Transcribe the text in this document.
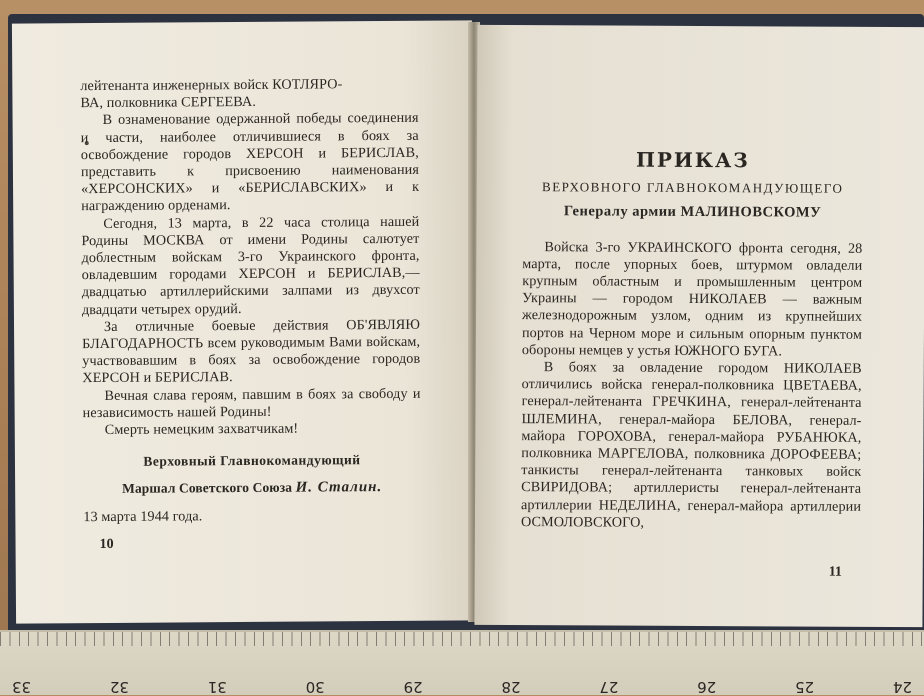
лейтенанта инженерных войск КОТЛЯРО-

ВА, полковника СЕРГЕЕВА.

В ознаменование одержанной победы соединения и части, наиболее отличившиеся в боях за освобождение городов ХЕРСОН и БЕРИСЛАВ, представить к присвоению наименования «ХЕРСОНСКИХ» и «БЕРИСЛАВСКИХ» и к награждению орденами.

Сегодня, 13 марта, в 22 часа столица нашей Родины МОСКВА от имени Родины салютует доблестным войскам 3-го Украинского фронта, овладевшим городами ХЕРСОН и БЕРИСЛАВ,—двадцатью артиллерийскими залпами из двухсот двадцати четырех орудий.

За отличные боевые действия ОБ'ЯВЛЯЮ БЛАГОДАРНОСТЬ всем руководимым Вами войскам, участвовавшим в боях за освобождение городов ХЕРСОН и БЕРИСЛАВ.

Вечная слава героям, павшим в боях за свободу и независимость нашей Родины!

Смерть немецким захватчикам!

Верховный Главнокомандующий
Маршал Советского Союза И. Сталин.
13 марта 1944 года.
10
ПРИКАЗ
ВЕРХОВНОГО ГЛАВНОКОМАНДУЮЩЕГО
Генералу армии МАЛИНОВСКОМУ

Войска 3-го УКРАИНСКОГО фронта сегодня, 28 марта, после упорных боев, штурмом овладели крупным областным и промышленным центром Украины — городом НИКОЛАЕВ — важным железнодорожным узлом, одним из крупнейших портов на Черном море и сильным опорным пунктом обороны немцев у устья ЮЖНОГО БУГА.

В боях за овладение городом НИКОЛАЕВ отличились войска генерал-полковника ЦВЕТАЕВА, генерал-лейтенанта ГРЕЧКИНА, генерал-лейтенанта ШЛЕМИНА, генерал-майора БЕЛОВА, генерал-майора ГОРОХОВА, генерал-майора РУБАНЮКА, полковника МАРГЕЛОВА, полковника ДОРОФЕЕВА; танкисты генерал-лейтенанта танковых войск СВИРИДОВА; артиллеристы генерал-лейтенанта артиллерии НЕДЕЛИНА, генерал-майора артиллерии ОСМОЛОВСКОГО,

11
24
25
26
27
28
29
30
31
32
33
